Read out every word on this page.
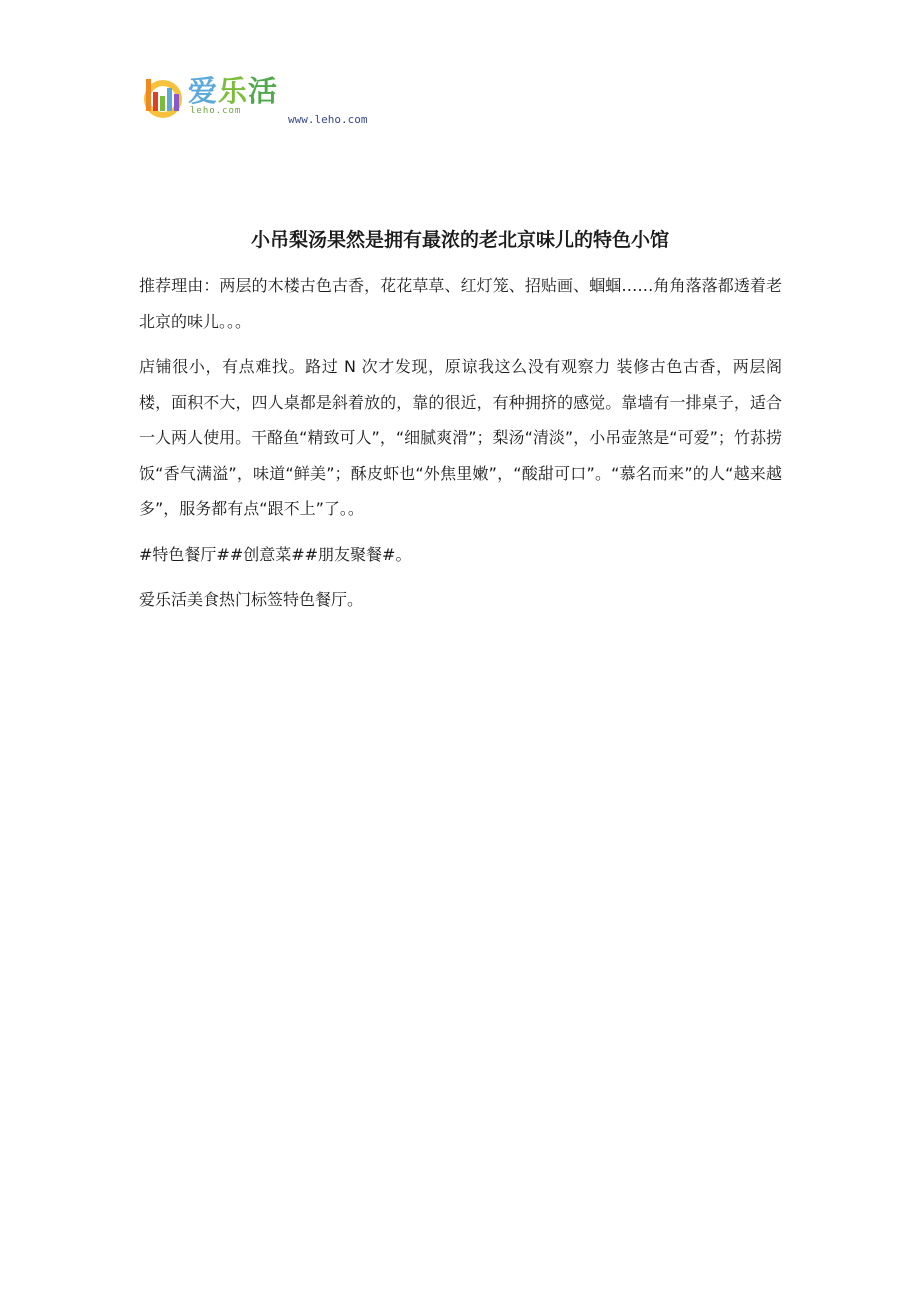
爱乐活
leho.com
www.leho.com
小吊梨汤果然是拥有最浓的老北京味儿的特色小馆

推荐理由：两层的木楼古色古香，花花草草、红灯笼、招贴画、蝈蝈……角角落落都透着老北京的味儿。。。

店铺很小，有点难找。路过 N 次才发现，原谅我这么没有观察力 装修古色古香，两层阁楼，面积不大，四人桌都是斜着放的，靠的很近，有种拥挤的感觉。靠墙有一排桌子，适合一人两人使用。干酪鱼“精致可人”，“细腻爽滑”；梨汤“清淡”，小吊壶煞是“可爱”；竹荪捞饭“香气满溢”，味道“鲜美”；酥皮虾也“外焦里嫩”，“酸甜可口”。“慕名而来”的人“越来越多”，服务都有点“跟不上”了。。

#特色餐厅##创意菜##朋友聚餐#。

爱乐活美食热门标签特色餐厅。
